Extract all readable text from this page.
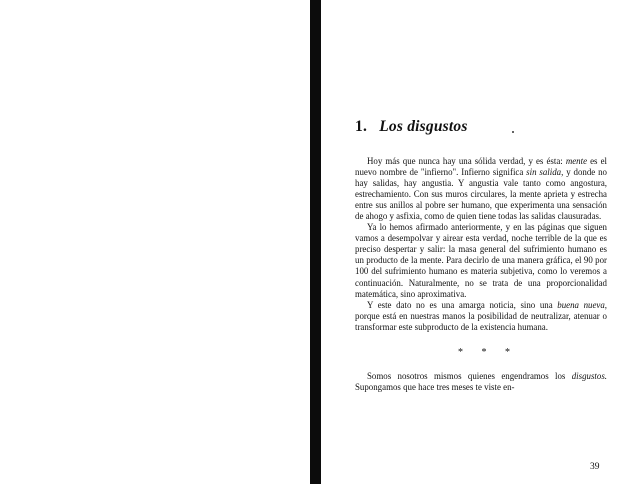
1. Los disgustos

Hoy más que nunca hay una sólida verdad, y es ésta: mente es el nuevo nombre de "infierno". Infierno significa sin salida, y donde no hay salidas, hay angustia. Y angustia vale tanto como angostura, estrechamiento. Con sus muros circulares, la mente aprieta y estrecha entre sus anillos al pobre ser humano, que experimenta una sensación de ahogo y asfixia, como de quien tiene todas las salidas clausuradas.

Ya lo hemos afirmado anteriormente, y en las páginas que siguen vamos a desempolvar y airear esta verdad, noche terrible de la que es preciso despertar y salir: la masa general del sufrimiento humano es un producto de la mente. Para decirlo de una manera gráfica, el 90 por 100 del sufrimiento humano es materia subjetiva, como lo veremos a continuación. Naturalmente, no se trata de una proporcionalidad matemática, sino aproximativa.

Y este dato no es una amarga noticia, sino una buena nueva, porque está en nuestras manos la posibilidad de neutralizar, atenuar o transformar este subproducto de la existencia humana.

* * *

Somos nosotros mismos quienes engendramos los disgustos. Supongamos que hace tres meses te viste en-

39
